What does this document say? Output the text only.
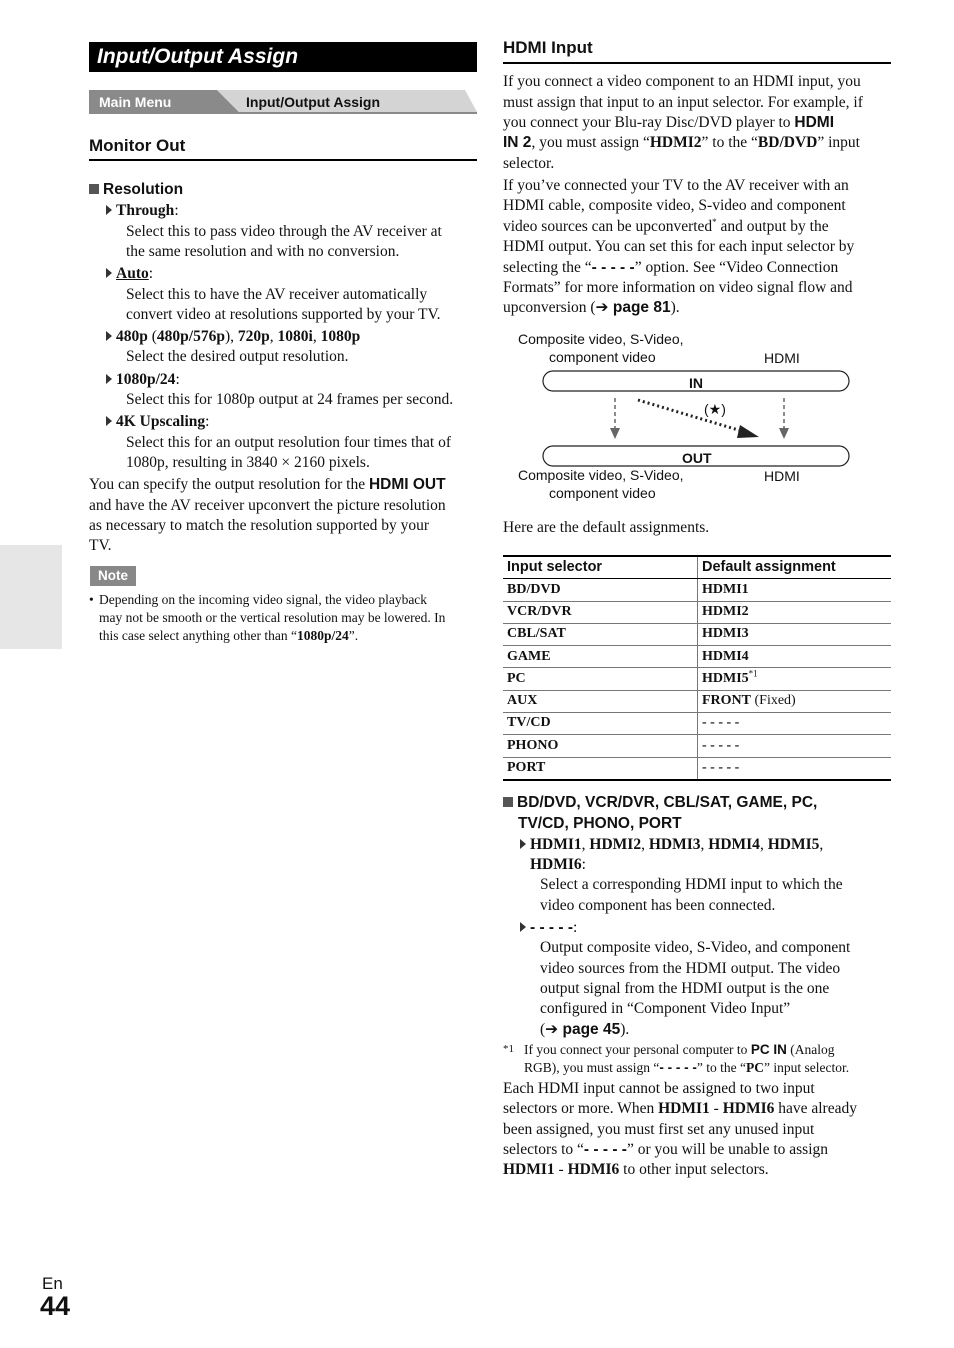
Input/Output Assign
Main Menu	Input/Output Assign
Monitor Out
Resolution
Through:
Select this to pass video through the AV receiver at
the same resolution and with no conversion.
Auto:
Select this to have the AV receiver automatically
convert video at resolutions supported by your TV.
480p (480p/576p), 720p, 1080i, 1080p
Select the desired output resolution.
1080p/24:
Select this for 1080p output at 24 frames per second.
4K Upscaling:
Select this for an output resolution four times that of
1080p, resulting in 3840 × 2160 pixels.
You can specify the output resolution for the HDMI OUT
and have the AV receiver upconvert the picture resolution
as necessary to match the resolution supported by your
TV.
Note
• Depending on the incoming video signal, the video playback
may not be smooth or the vertical resolution may be lowered. In
this case select anything other than “1080p/24”.
HDMI Input
If you connect a video component to an HDMI input, you
must assign that input to an input selector. For example, if
you connect your Blu-ray Disc/DVD player to HDMI
IN 2, you must assign “HDMI2” to the “BD/DVD” input
selector.
If you’ve connected your TV to the AV receiver with an
HDMI cable, composite video, S-video and component
video sources can be upconverted* and output by the
HDMI output. You can set this for each input selector by
selecting the “- - - - -” option. See “Video Connection
Formats” for more information on video signal flow and
upconversion (➔ page 81).
Composite video, S-Video,
component video	HDMI
IN
(★)
OUT
Composite video, S-Video,
component video
HDMI
Here are the default assignments.
Input selector	Default assignment
BD/DVD	HDMI1
VCR/DVR	HDMI2
CBL/SAT	HDMI3
GAME	HDMI4
PC	HDMI5$^{*1}$
AUX	FRONT (Fixed)
TV/CD	- - - - -
PHONO	- - - - -
PORT	- - - - -
BD/DVD, VCR/DVR, CBL/SAT, GAME, PC,
TV/CD, PHONO, PORT
HDMI1, HDMI2, HDMI3, HDMI4, HDMI5,
HDMI6:
Select a corresponding HDMI input to which the
video component has been connected.
- - - - -:
Output composite video, S-Video, and component
video sources from the HDMI output. The video
output signal from the HDMI output is the one
configured in “Component Video Input”
(➔ page 45).
*1 If you connect your personal computer to PC IN (Analog
RGB), you must assign “- - - - -” to the “PC” input selector.
Each HDMI input cannot be assigned to two input
selectors or more. When HDMI1 - HDMI6 have already
been assigned, you must first set any unused input
selectors to “- - - - -” or you will be unable to assign
HDMI1 - HDMI6 to other input selectors.
En
44
